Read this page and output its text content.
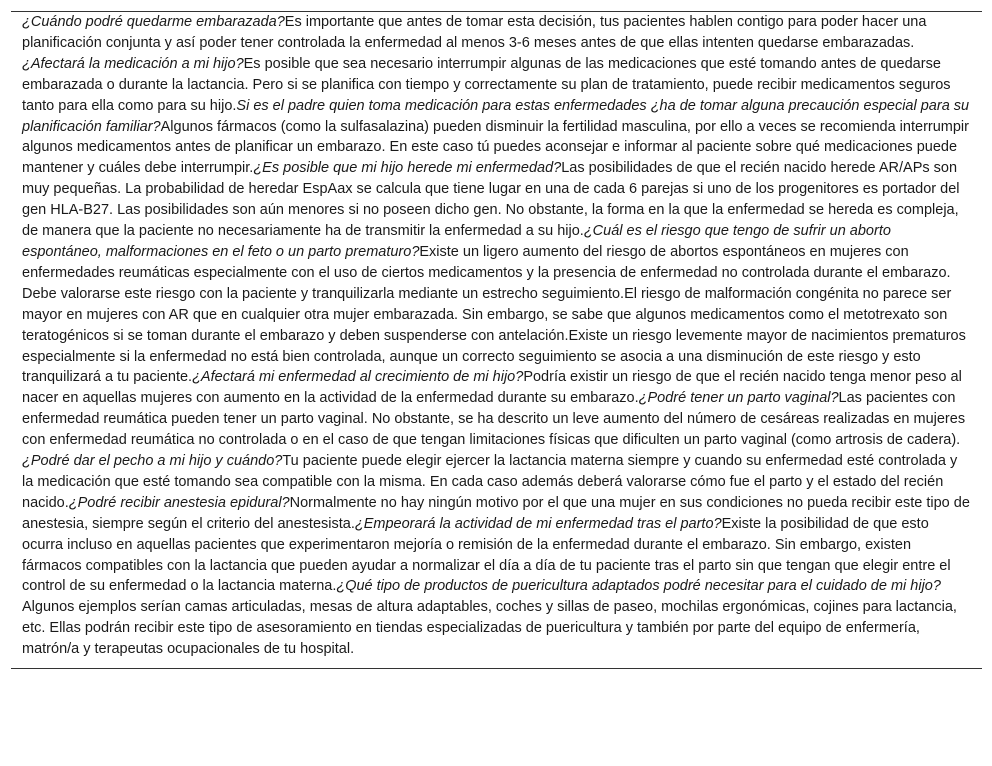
¿Cuándo podré quedarme embarazada?Es importante que antes de tomar esta decisión, tus pacientes hablen contigo para poder hacer una planificación conjunta y así poder tener controlada la enfermedad al menos 3-6 meses antes de que ellas intenten quedarse embarazadas.¿Afectará la medicación a mi hijo?Es posible que sea necesario interrumpir algunas de las medicaciones que esté tomando antes de quedarse embarazada o durante la lactancia. Pero si se planifica con tiempo y correctamente su plan de tratamiento, puede recibir medicamentos seguros tanto para ella como para su hijo.Si es el padre quien toma medicación para estas enfermedades ¿ha de tomar alguna precaución especial para su planificación familiar?Algunos fármacos (como la sulfasalazina) pueden disminuir la fertilidad masculina, por ello a veces se recomienda interrumpir algunos medicamentos antes de planificar un embarazo. En este caso tú puedes aconsejar e informar al paciente sobre qué medicaciones puede mantener y cuáles debe interrumpir.¿Es posible que mi hijo herede mi enfermedad?Las posibilidades de que el recién nacido herede AR/APs son muy pequeñas. La probabilidad de heredar EspAax se calcula que tiene lugar en una de cada 6 parejas si uno de los progenitores es portador del gen HLA-B27. Las posibilidades son aún menores si no poseen dicho gen. No obstante, la forma en la que la enfermedad se hereda es compleja, de manera que la paciente no necesariamente ha de transmitir la enfermedad a su hijo.¿Cuál es el riesgo que tengo de sufrir un aborto espontáneo, malformaciones en el feto o un parto prematuro?Existe un ligero aumento del riesgo de abortos espontáneos en mujeres con enfermedades reumáticas especialmente con el uso de ciertos medicamentos y la presencia de enfermedad no controlada durante el embarazo. Debe valorarse este riesgo con la paciente y tranquilizarla mediante un estrecho seguimiento.El riesgo de malformación congénita no parece ser mayor en mujeres con AR que en cualquier otra mujer embarazada. Sin embargo, se sabe que algunos medicamentos como el metotrexato son teratogénicos si se toman durante el embarazo y deben suspenderse con antelación.Existe un riesgo levemente mayor de nacimientos prematuros especialmente si la enfermedad no está bien controlada, aunque un correcto seguimiento se asocia a una disminución de este riesgo y esto tranquilizará a tu paciente.¿Afectará mi enfermedad al crecimiento de mi hijo?Podría existir un riesgo de que el recién nacido tenga menor peso al nacer en aquellas mujeres con aumento en la actividad de la enfermedad durante su embarazo.¿Podré tener un parto vaginal?Las pacientes con enfermedad reumática pueden tener un parto vaginal. No obstante, se ha descrito un leve aumento del número de cesáreas realizadas en mujeres con enfermedad reumática no controlada o en el caso de que tengan limitaciones físicas que dificulten un parto vaginal (como artrosis de cadera).¿Podré dar el pecho a mi hijo y cuándo?Tu paciente puede elegir ejercer la lactancia materna siempre y cuando su enfermedad esté controlada y la medicación que esté tomando sea compatible con la misma. En cada caso además deberá valorarse cómo fue el parto y el estado del recién nacido.¿Podré recibir anestesia epidural?Normalmente no hay ningún motivo por el que una mujer en sus condiciones no pueda recibir este tipo de anestesia, siempre según el criterio del anestesista.¿Empeorará la actividad de mi enfermedad tras el parto?Existe la posibilidad de que esto ocurra incluso en aquellas pacientes que experimentaron mejoría o remisión de la enfermedad durante el embarazo. Sin embargo, existen fármacos compatibles con la lactancia que pueden ayudar a normalizar el día a día de tu paciente tras el parto sin que tengan que elegir entre el control de su enfermedad o la lactancia materna.¿Qué tipo de productos de puericultura adaptados podré necesitar para el cuidado de mi hijo?Algunos ejemplos serían camas articuladas, mesas de altura adaptables, coches y sillas de paseo, mochilas ergonómicas, cojines para lactancia, etc. Ellas podrán recibir este tipo de asesoramiento en tiendas especializadas de puericultura y también por parte del equipo de enfermería, matrón/a y terapeutas ocupacionales de tu hospital.
